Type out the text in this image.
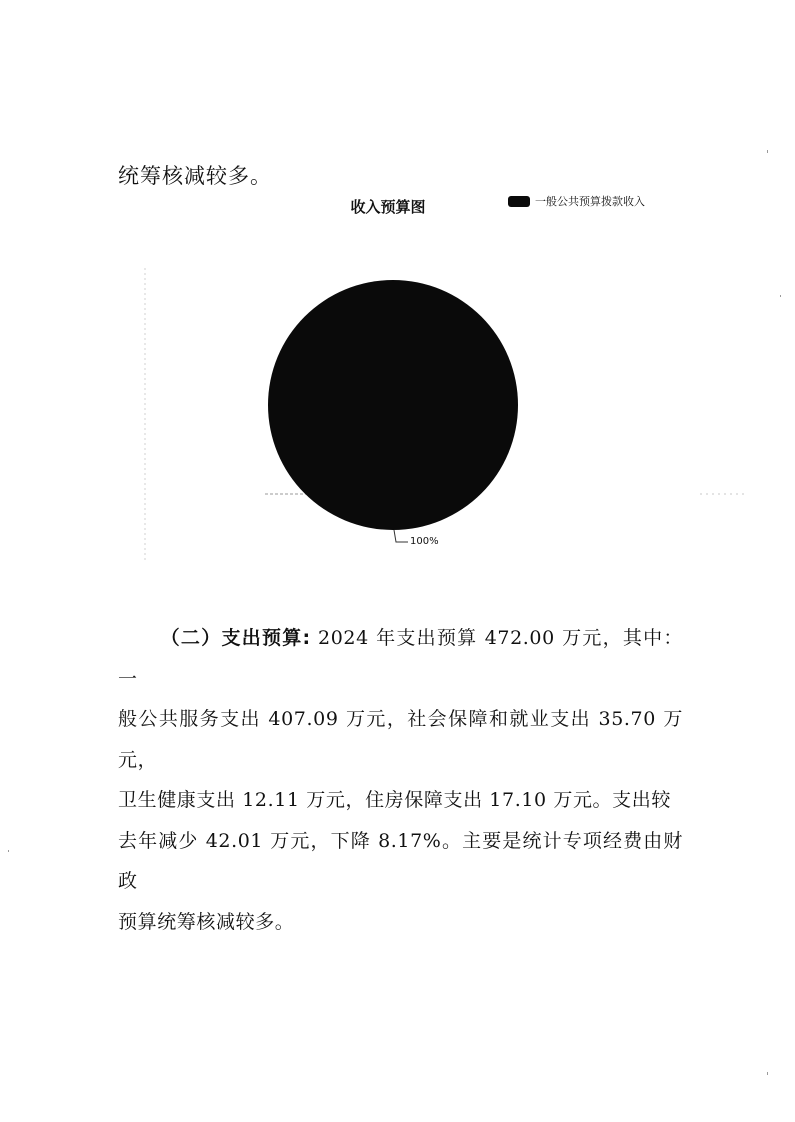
统筹核减较多。
收入预算图	一般公共预算拨款收入
100%
（二）支出预算: 2024 年支出预算 472.00 万元，其中：一
般公共服务支出 407.09 万元，社会保障和就业支出 35.70 万元，
卫生健康支出 12.11 万元，住房保障支出 17.10 万元。支出较
去年减少 42.01 万元，下降 8.17%。主要是统计专项经费由财政
预算统筹核减较多。
